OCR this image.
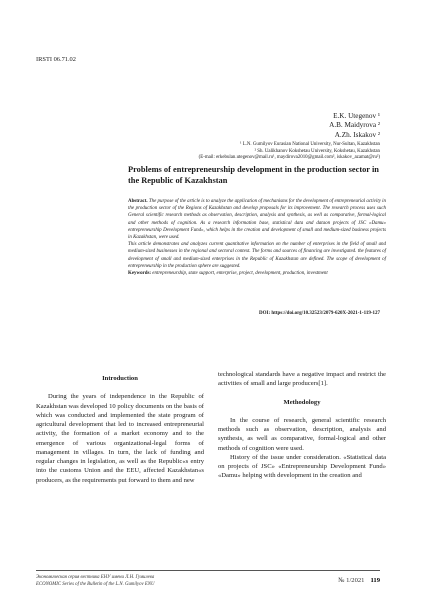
IRSTI 06.71.02
E.K. Utegenov ¹
A.B. Maidyrova ²
A.Zh. Iskakov ²
¹ L.N. Gumilyov Eurasian National University, Nur-Sultan, Kazakhstan
² Sh. Ualikhanov Kokshetau University, Kokshetau, Kazakhstan
(E-mail: erkebulan.utegenov@mail.ru¹, maydirova2010@gmail.com², iskakov_azamat@ru²)
Problems of entrepreneurship development in the production sector in the Republic of Kazakhstan

Abstract. The purpose of the article is to analyze the application of mechanisms for the development of entrepreneurial activity in the production sector of the Regions of Kazakhstan and develop proposals for its improvement. The research process uses such General scientific research methods as observation, description, analysis and synthesis, as well as comparative, formal-logical and other methods of cognition. As a research information base, statistical data and dataon projects of JSC «Damu» entrepreneurship Development Fund», which helps in the creation and development of small and medium-sized business projects in Kazakhstan, were used.

This article demonstrates and analyzes current quantitative information on the number of enterprises in the field of small and medium-sized businesses in the regional and sectoral context. The forms and sources of financing are investigated. the features of development of small and medium-sized enterprises in the Republic of Kazakhstan are defined. The scope of development of entrepreneurship in the production sphere are suggested.

Keywords: entrepreneurship, state support, enterprise, project, development, production, investment

DOI: https://doi.org/10.32523/2079-620X-2021-1-119-127

Introduction

During the years of independence in the Republic of Kazakhstan was developed 10 policy documents on the basis of which was conducted and implemented the state program of agricultural development that led to increased entrepreneurial activity, the formation of a market economy and to the emergence of various organizational-legal forms of management in villages. In turn, the lack of funding and regular changes in legislation, as well as the Republic«s entry into the customs Union and the EEU, affected Kazakhstan«s producers, as the requirements put forward to them and new

technological standards have a negative impact and restrict the activities of small and large producers[1].

Methodology

In the course of research, general scientific research methods such as observation, description, analysis and synthesis, as well as comparative, formal-logical and other methods of cognition were used.

History of the issue under consideration. «Statistical data on projects of JSC» «Entrepreneurship Development Fund» «Damu» helping with development in the creation and

Экономическая серия вестника ЕНУ имени Л.Н. Гумилева
ECONOMIC Series of the Bulletin of the L.N. Gumilyov ENU
№ 1/2021 119
